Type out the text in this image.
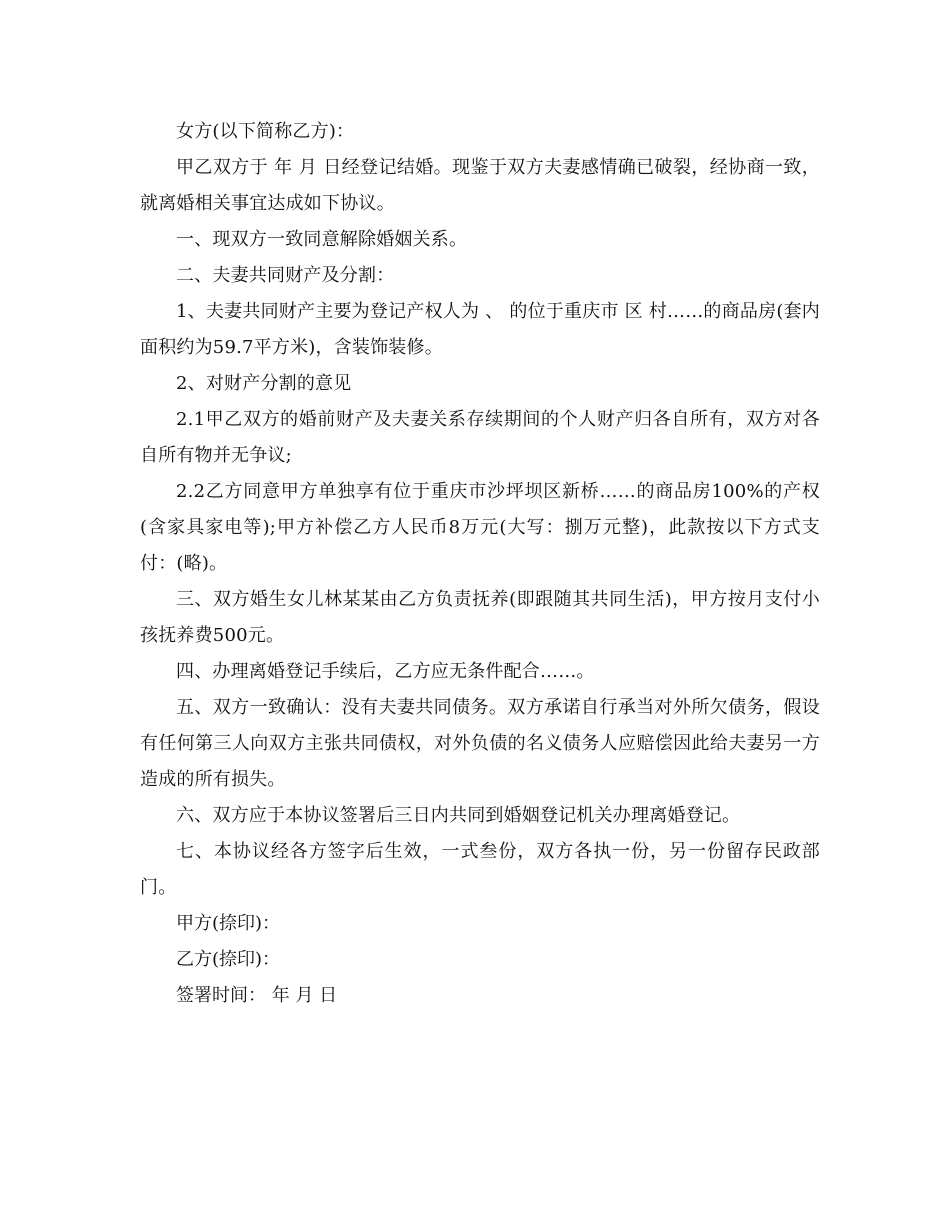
女方(以下简称乙方)：

甲乙双方于 年 月 日经登记结婚。现鉴于双方夫妻感情确已破裂，经协商一致，就离婚相关事宜达成如下协议。

一、现双方一致同意解除婚姻关系。

二、夫妻共同财产及分割：

1、夫妻共同财产主要为登记产权人为 、 的位于重庆市 区 村……的商品房(套内面积约为59.7平方米)，含装饰装修。

2、对财产分割的意见

2.1甲乙双方的婚前财产及夫妻关系存续期间的个人财产归各自所有，双方对各自所有物并无争议;

2.2乙方同意甲方单独享有位于重庆市沙坪坝区新桥……的商品房100%的产权(含家具家电等);甲方补偿乙方人民币8万元(大写：捌万元整)，此款按以下方式支付：(略)。

三、双方婚生女儿林某某由乙方负责抚养(即跟随其共同生活)，甲方按月支付小孩抚养费500元。

四、办理离婚登记手续后，乙方应无条件配合……。

五、双方一致确认：没有夫妻共同债务。双方承诺自行承当对外所欠债务，假设有任何第三人向双方主张共同债权，对外负债的名义债务人应赔偿因此给夫妻另一方造成的所有损失。

六、双方应于本协议签署后三日内共同到婚姻登记机关办理离婚登记。

七、本协议经各方签字后生效，一式叁份，双方各执一份，另一份留存民政部门。

甲方(捺印)：

乙方(捺印)：

签署时间： 年 月 日
